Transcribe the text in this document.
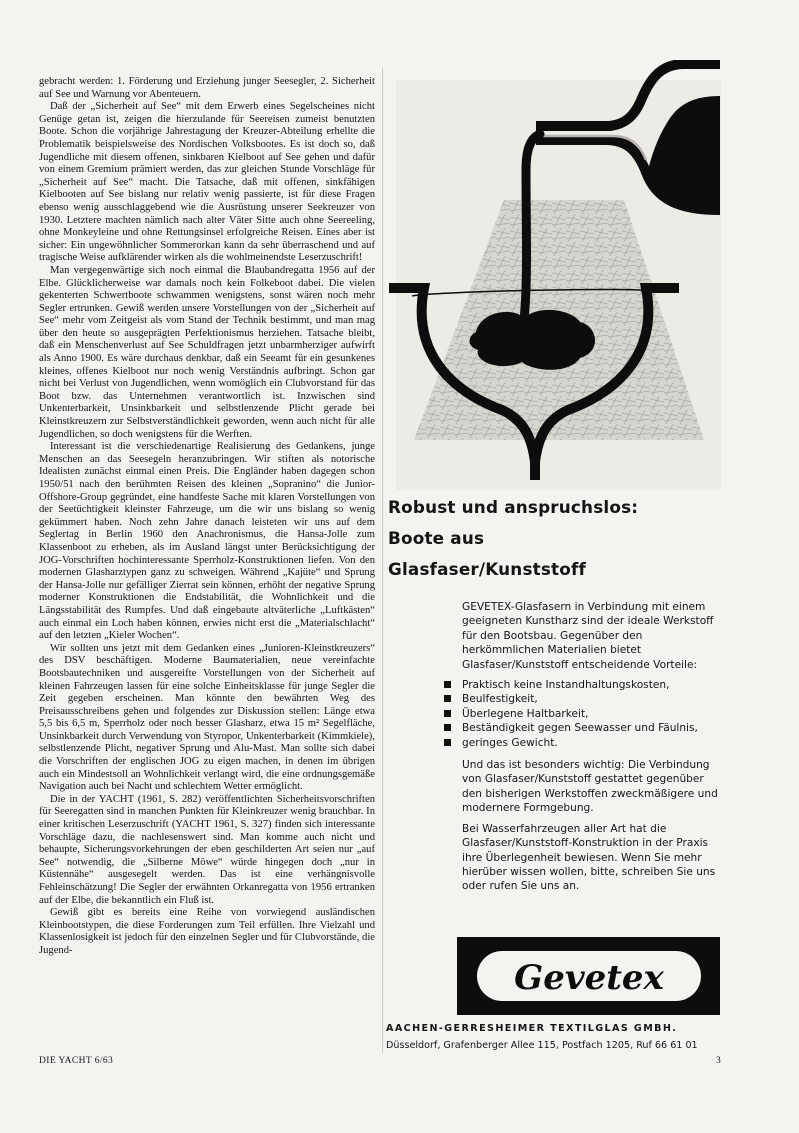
gebracht werden: 1. Förderung und Erziehung junger Seesegler, 2. Sicherheit auf See und Warnung vor Abenteuern.

Daß der „Sicherheit auf See“ mit dem Erwerb eines Segelscheines nicht Genüge getan ist, zeigen die hierzulande für Seereisen zumeist benutzten Boote. Schon die vorjährige Jahrestagung der Kreuzer-Abteilung erhellte die Problematik beispielsweise des Nordischen Volksbootes. Es ist doch so, daß Jugendliche mit diesem offenen, sinkbaren Kielboot auf See gehen und dafür von einem Gremium prämiert werden, das zur gleichen Stunde Vorschläge für „Sicherheit auf See“ macht. Die Tatsache, daß mit offenen, sinkfähigen Kielbooten auf See bislang nur relativ wenig passierte, ist für diese Fragen ebenso wenig ausschlaggebend wie die Ausrüstung unserer Seekreuzer von 1930. Letztere machten nämlich nach alter Väter Sitte auch ohne Seereeling, ohne Monkeyleine und ohne Rettungsinsel erfolgreiche Reisen. Eines aber ist sicher: Ein ungewöhnlicher Sommerorkan kann da sehr überraschend und auf tragische Weise aufklärender wirken als die wohlmeinendste Leserzuschrift!

Man vergegenwärtige sich noch einmal die Blaubandregatta 1956 auf der Elbe. Glücklicherweise war damals noch kein Folkeboot dabei. Die vielen gekenterten Schwertboote schwammen wenigstens, sonst wären noch mehr Segler ertrunken. Gewiß werden unsere Vorstellungen von der „Sicherheit auf See“ mehr vom Zeitgeist als vom Stand der Technik bestimmt, und man mag über den heute so ausgeprägten Perfektionismus herziehen. Tatsache bleibt, daß ein Menschenverlust auf See Schuldfragen jetzt unbarmherziger aufwirft als Anno 1900. Es wäre durchaus denkbar, daß ein Seeamt für ein gesunkenes kleines, offenes Kielboot nur noch wenig Verständnis aufbringt. Schon gar nicht bei Verlust von Jugendlichen, wenn womöglich ein Clubvorstand für das Boot bzw. das Unternehmen verantwortlich ist. Inzwischen sind Unkenterbarkeit, Unsinkbarkeit und selbstlenzende Plicht gerade bei Kleinstkreuzern zur Selbstverständlichkeit geworden, wenn auch nicht für alle Jugendlichen, so doch wenigstens für die Werften.

Interessant ist die verschiedenartige Realisierung des Gedankens, junge Menschen an das Seesegeln heranzubringen. Wir stiften als notorische Idealisten zunächst einmal einen Preis. Die Engländer haben dagegen schon 1950/51 nach den berühmten Reisen des kleinen „Sopranino“ die Junior-Offshore-Group gegründet, eine handfeste Sache mit klaren Vorstellungen von der Seetüchtigkeit kleinster Fahrzeuge, um die wir uns bislang so wenig gekümmert haben. Noch zehn Jahre danach leisteten wir uns auf dem Seglertag in Berlin 1960 den Anachronismus, die Hansa-Jolle zum Klassenboot zu erheben, als im Ausland längst unter Berücksichtigung der JOG-Vorschriften hochinteressante Sperrholz-Konstruktionen liefen. Von den modernen Glasharztypen ganz zu schweigen. Während „Kajüte“ und Sprung der Hansa-Jolle nur gefälliger Zierrat sein können, erhöht der negative Sprung moderner Konstruktionen die Endstabilität, die Wohnlichkeit und die Längsstabilität des Rumpfes. Und daß eingebaute altväterliche „Luftkästen“ auch einmal ein Loch haben können, erwies nicht erst die „Materialschlacht“ auf den letzten „Kieler Wochen“.

Wir sollten uns jetzt mit dem Gedanken eines „Junioren-Kleinstkreuzers“ des DSV beschäftigen. Moderne Baumaterialien, neue vereinfachte Bootsbautechniken und ausgereifte Vorstellungen von der Sicherheit auf kleinen Fahrzeugen lassen für eine solche Einheitsklasse für junge Segler die Zeit gegeben erscheinen. Man könnte den bewährten Weg des Preisausschreibens gehen und folgendes zur Diskussion stellen: Länge etwa 5,5 bis 6,5 m, Sperrholz oder noch besser Glasharz, etwa 15 m² Segelfläche, Unsinkbarkeit durch Verwendung von Styropor, Unkenterbarkeit (Kimmkiele), selbstlenzende Plicht, negativer Sprung und Alu-Mast. Man sollte sich dabei die Vorschriften der englischen JOG zu eigen machen, in denen im übrigen auch ein Mindestsoll an Wohnlichkeit verlangt wird, die eine ordnungsgemäße Navigation auch bei Nacht und schlechtem Wetter ermöglicht.

Die in der YACHT (1961, S. 282) veröffentlichten Sicherheitsvorschriften für Seeregatten sind in manchen Punkten für Kleinkreuzer wenig brauchbar. In einer kritischen Leserzuschrift (YACHT 1961, S. 327) finden sich interessante Vorschläge dazu, die nachlesenswert sind. Man komme auch nicht und behaupte, Sicherungsvorkehrungen der eben geschilderten Art seien nur „auf See“ notwendig, die „Silberne Möwe“ würde hingegen doch „nur in Küstennähe“ ausgesegelt werden. Das ist eine verhängnisvolle Fehleinschätzung! Die Segler der erwähnten Orkanregatta von 1956 ertranken auf der Elbe, die bekanntlich ein Fluß ist.

Gewiß gibt es bereits eine Reihe von vorwiegend ausländischen Kleinbootstypen, die diese Forderungen zum Teil erfüllen. Ihre Vielzahl und Klassenlosigkeit ist jedoch für den einzelnen Segler und für Clubvorstände, die Jugend-

DIE YACHT 6/63	3
Robust und anspruchslos:
Boote aus
Glasfaser/Kunststoff

GEVETEX-Glasfasern in Verbindung mit einem geeigneten Kunstharz sind der ideale Werkstoff für den Bootsbau. Gegenüber den herkömmlichen Materialien bietet Glasfaser/Kunststoff entscheidende Vorteile:

Praktisch keine Instandhaltungskosten,
Beulfestigkeit,
Überlegene Haltbarkeit,
Beständigkeit gegen Seewasser und Fäulnis,
geringes Gewicht.

Und das ist besonders wichtig: Die Verbindung von Glasfaser/Kunststoff gestattet gegenüber den bisherigen Werkstoffen zweckmäßigere und modernere Formgebung.

Bei Wasserfahrzeugen aller Art hat die Glasfaser/Kunststoff-Konstruktion in der Praxis ihre Überlegenheit bewiesen. Wenn Sie mehr hierüber wissen wollen, bitte, schreiben Sie uns oder rufen Sie uns an.

Gevetex
AACHEN-GERRESHEIMER TEXTILGLAS GMBH.
Düsseldorf, Grafenberger Allee 115, Postfach 1205, Ruf 66 61 01
